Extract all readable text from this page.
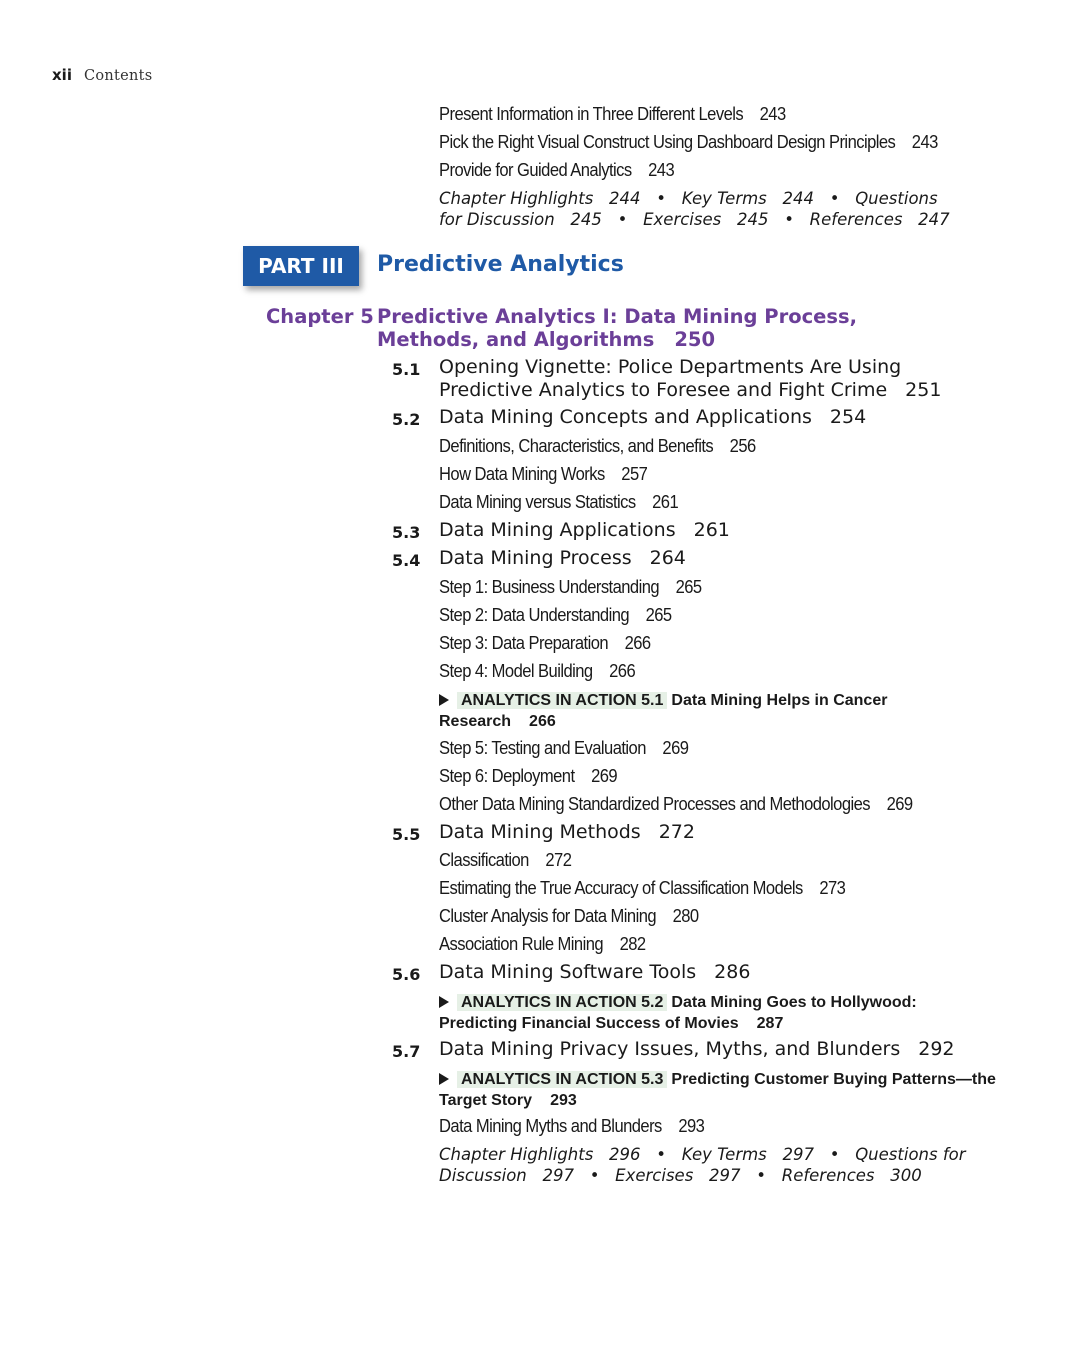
xii Contents
Present Information in Three Different Levels 243
Pick the Right Visual Construct Using Dashboard Design Principles 243
Provide for Guided Analytics 243
Chapter Highlights   244   •   Key Terms   244   •   Questions
for Discussion   245   •   Exercises   245   •   References   247
PART III	Predictive Analytics
Chapter 5 Predictive Analytics I: Data Mining Process, Methods, and Algorithms 250
5.1 Opening Vignette: Police Departments Are Using
Predictive Analytics to Foresee and Fight Crime 251
5.2 Data Mining Concepts and Applications 254
Definitions, Characteristics, and Benefits 256
How Data Mining Works 257
Data Mining versus Statistics 261
5.3 Data Mining Applications 261
5.4 Data Mining Process 264
Step 1: Business Understanding 265
Step 2: Data Understanding 265
Step 3: Data Preparation 266
Step 4: Model Building 266
ANALYTICS IN ACTION 5.1 Data Mining Helps in Cancer
Research 266
Step 5: Testing and Evaluation 269
Step 6: Deployment 269
Other Data Mining Standardized Processes and Methodologies 269
5.5 Data Mining Methods 272
Classification 272
Estimating the True Accuracy of Classification Models 273
Cluster Analysis for Data Mining 280
Association Rule Mining 282
5.6 Data Mining Software Tools 286
ANALYTICS IN ACTION 5.2 Data Mining Goes to Hollywood:
Predicting Financial Success of Movies 287
5.7 Data Mining Privacy Issues, Myths, and Blunders 292
ANALYTICS IN ACTION 5.3 Predicting Customer Buying Patterns—the
Target Story 293
Data Mining Myths and Blunders 293
Chapter Highlights   296   •   Key Terms   297   •   Questions for
Discussion   297   •   Exercises   297   •   References   300
